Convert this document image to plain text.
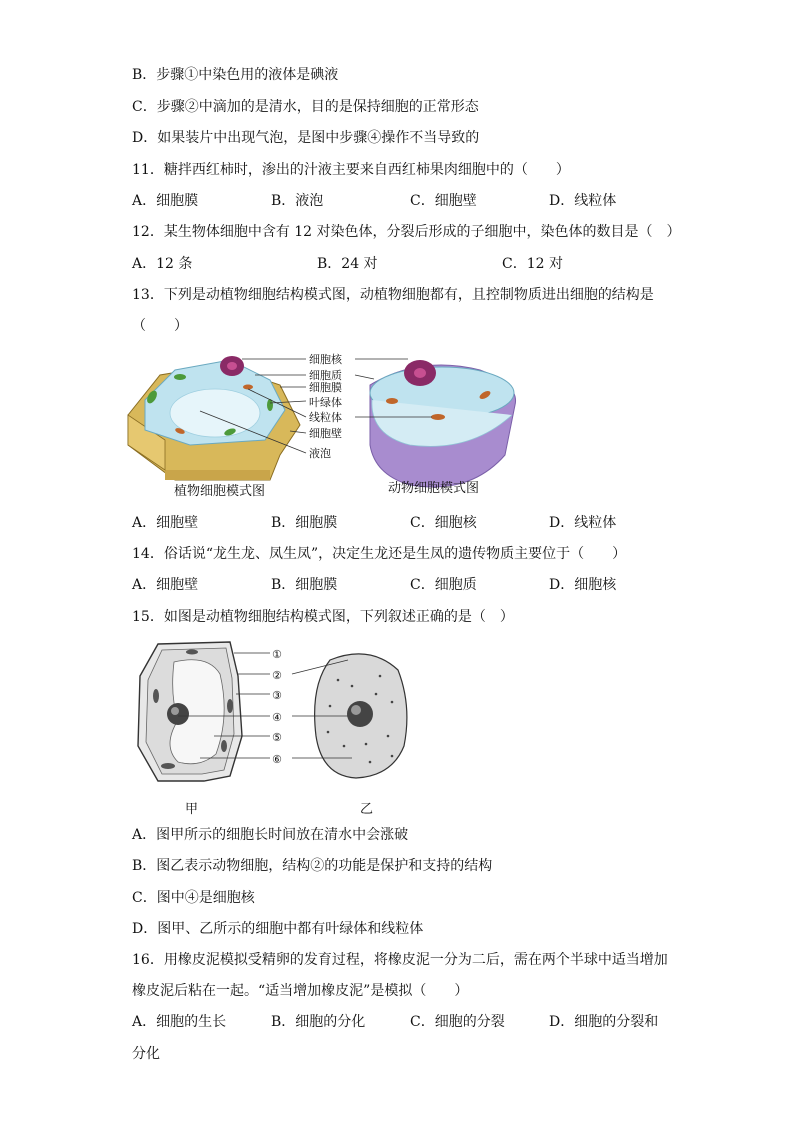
B．步骤①中染色用的液体是碘液
C．步骤②中滴加的是清水，目的是保持细胞的正常形态
D．如果装片中出现气泡，是图中步骤④操作不当导致的
11．糖拌西红柿时，渗出的汁液主要来自西红柿果肉细胞中的（　　）
A．细胞膜	B．液泡	C．细胞壁	D．线粒体
12．某生物体细胞中含有 12 对染色体，分裂后形成的子细胞中，染色体的数目是（　）
A．12 条	B．24 对	C．12 对
13．下列是动植物细胞结构模式图，动植物细胞都有，且控制物质进出细胞的结构是
（　　）
细胞核
细胞质
细胞膜
叶绿体
线粒体
细胞壁
液泡
植物细胞模式图	动物细胞模式图
A．细胞壁	B．细胞膜	C．细胞核	D．线粒体
14．俗话说“龙生龙、凤生凤”，决定生龙还是生凤的遗传物质主要位于（　　）
A．细胞壁	B．细胞膜	C．细胞质	D．细胞核
15．如图是动植物细胞结构模式图，下列叙述正确的是（　）
①
②
③
④
⑤
⑥
甲	乙
A．图甲所示的细胞长时间放在清水中会涨破
B．图乙表示动物细胞，结构②的功能是保护和支持的结构
C．图中④是细胞核
D．图甲、乙所示的细胞中都有叶绿体和线粒体
16．用橡皮泥模拟受精卵的发育过程，将橡皮泥一分为二后，需在两个半球中适当增加
橡皮泥后粘在一起。“适当增加橡皮泥”是模拟（　　）
A．细胞的生长	B．细胞的分化	C．细胞的分裂	D．细胞的分裂和
分化
